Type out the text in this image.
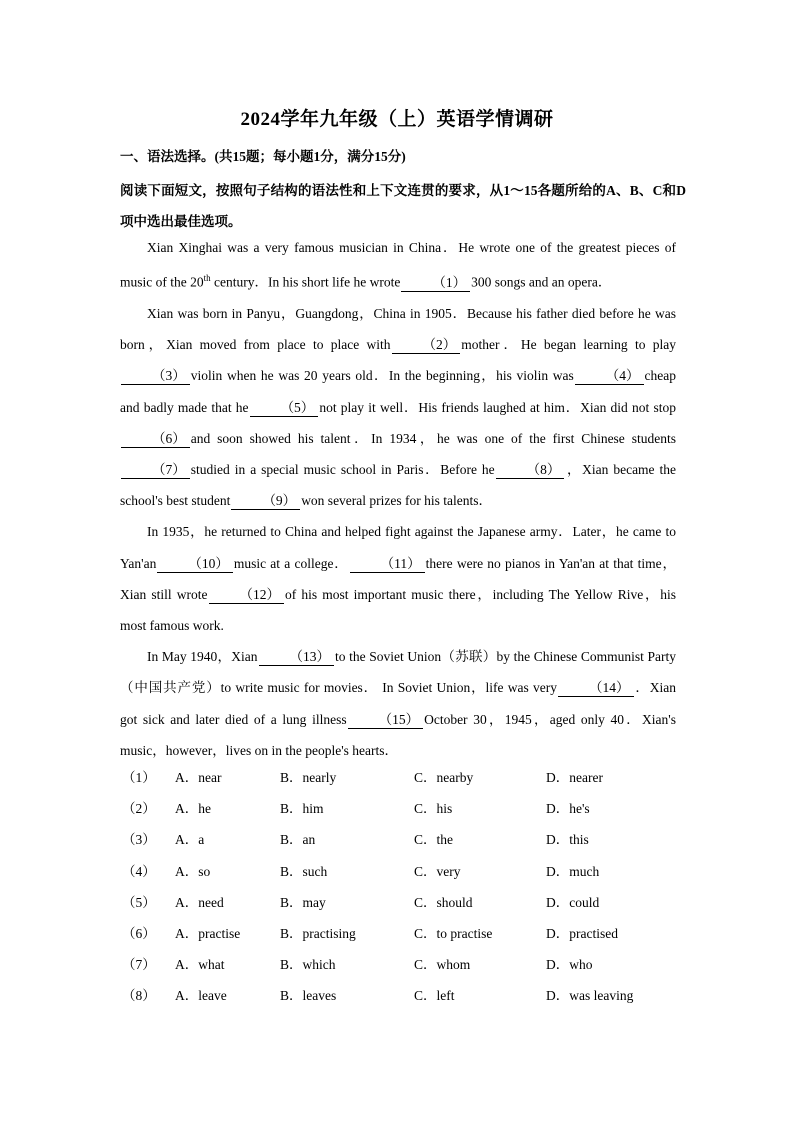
2024学年九年级（上）英语学情调研
一、语法选择。(共15题；每小题1分，满分15分)
阅读下面短文，按照句子结构的语法性和上下文连贯的要求，从1～15各题所给的A、B、C和D项中选出最佳选项。

Xian Xinghai was a very famous musician in China．He wrote one of the greatest pieces of music of the 20th century．In his short life he wrote （1） 300 songs and an opera．

Xian was born in Panyu，Guangdong，China in 1905．Because his father died before he was born，Xian moved from place to place with （2） mother．He began learning to play（3） violin when he was 20 years old．In the beginning，his violin was （4） cheap and badly made that he （5） not play it well．His friends laughed at him．Xian did not stop（6） and soon showed his talent．In 1934，he was one of the first Chinese students（7） studied in a special music school in Paris．Before he （8） ，Xian became the school's best student （9） won several prizes for his talents．

In 1935，he returned to China and helped fight against the Japanese army．Later，he came to Yan'an （10） music at a college． （11） there were no pianos in Yan'an at that time，Xian still wrote （12） of his most important music there，including The Yellow Rive，his most famous work.

In May 1940，Xian （13） to the Soviet Union（苏联）by the Chinese Communist Party（中国共产党）to write music for movies． In Soviet Union，life was very （14） ．Xian got sick and later died of a lung illness （15） October 30，1945，aged only 40．Xian's music，however，lives on in the people's hearts．

（1） A．near	B．nearly	C．nearby	D．nearer
（2） A．he	B．him	C．his	D．he's
（3） A．a	B．an	C．the	D．this
（4） A．so	B．such	C．very	D．much
（5） A．need	B．may	C．should	D．could
（6） A．practise	B．practising	C．to practise	D．practised
（7） A．what	B．which	C．whom	D．who
（8） A．leave	B．leaves	C．left	D．was leaving
